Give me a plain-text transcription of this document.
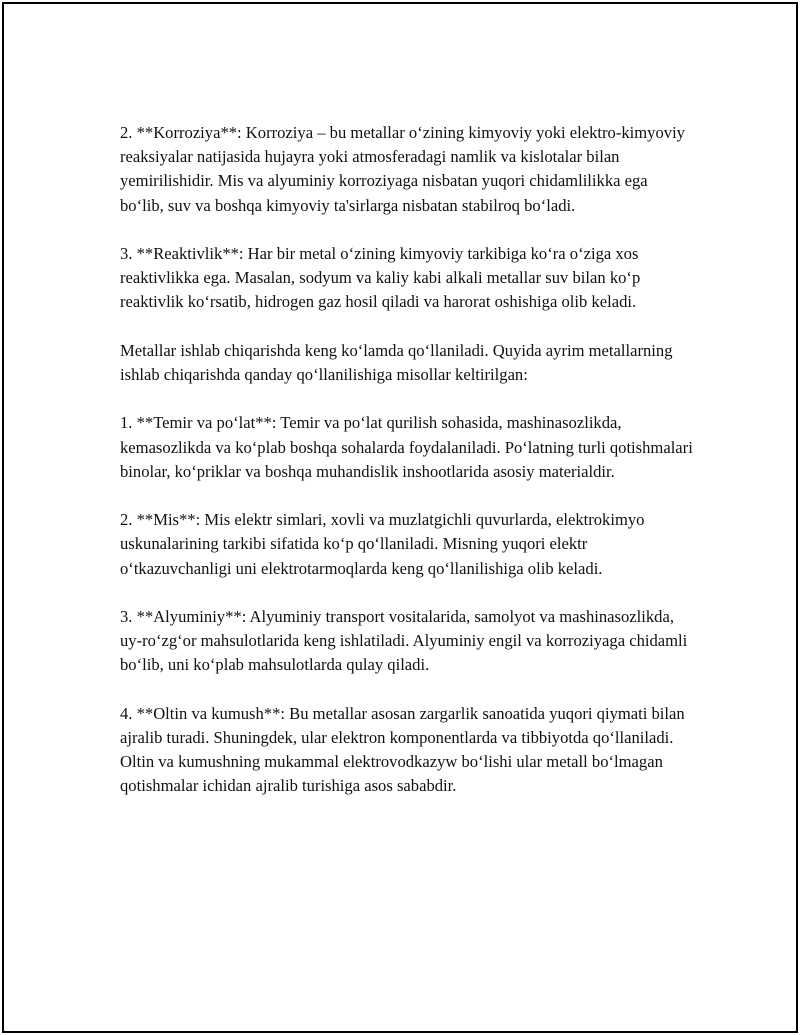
2. **Korroziya**: Korroziya – bu metallar o‘zining kimyoviy yoki elektro-kimyoviy reaksiyalar natijasida hujayra yoki atmosferadagi namlik va kislotalar bilan yemirilishidir. Mis va alyuminiy korroziyaga nisbatan yuqori chidamlilikka ega bo‘lib, suv va boshqa kimyoviy ta'sirlarga nisbatan stabilroq bo‘ladi.

3. **Reaktivlik**: Har bir metal o‘zining kimyoviy tarkibiga ko‘ra o‘ziga xos reaktivlikka ega. Masalan, sodyum va kaliy kabi alkali metallar suv bilan ko‘p reaktivlik ko‘rsatib, hidrogen gaz hosil qiladi va harorat oshishiga olib keladi.

Metallar ishlab chiqarishda keng ko‘lamda qo‘llaniladi. Quyida ayrim metallarning ishlab chiqarishda qanday qo‘llanilishiga misollar keltirilgan:

1. **Temir va po‘lat**: Temir va po‘lat qurilish sohasida, mashinasozlikda, kemasozlikda va ko‘plab boshqa sohalarda foydalaniladi. Po‘latning turli qotishmalari binolar, ko‘priklar va boshqa muhandislik inshootlarida asosiy materialdir.

2. **Mis**: Mis elektr simlari, xovli va muzlatgichli quvurlarda, elektrokimyo uskunalarining tarkibi sifatida ko‘p qo‘llaniladi. Misning yuqori elektr o‘tkazuvchanligi uni elektrotarmoqlarda keng qo‘llanilishiga olib keladi.

3. **Alyuminiy**: Alyuminiy transport vositalarida, samolyot va mashinasozlikda, uy-ro‘zg‘or mahsulotlarida keng ishlatiladi. Alyuminiy engil va korroziyaga chidamli bo‘lib, uni ko‘plab mahsulotlarda qulay qiladi.

4. **Oltin va kumush**: Bu metallar asosan zargarlik sanoatida yuqori qiymati bilan ajralib turadi. Shuningdek, ular elektron komponentlarda va tibbiyotda qo‘llaniladi. Oltin va kumushning mukammal elektrovodkazyw bo‘lishi ular metall bo‘lmagan qotishmalar ichidan ajralib turishiga asos sababdir.
